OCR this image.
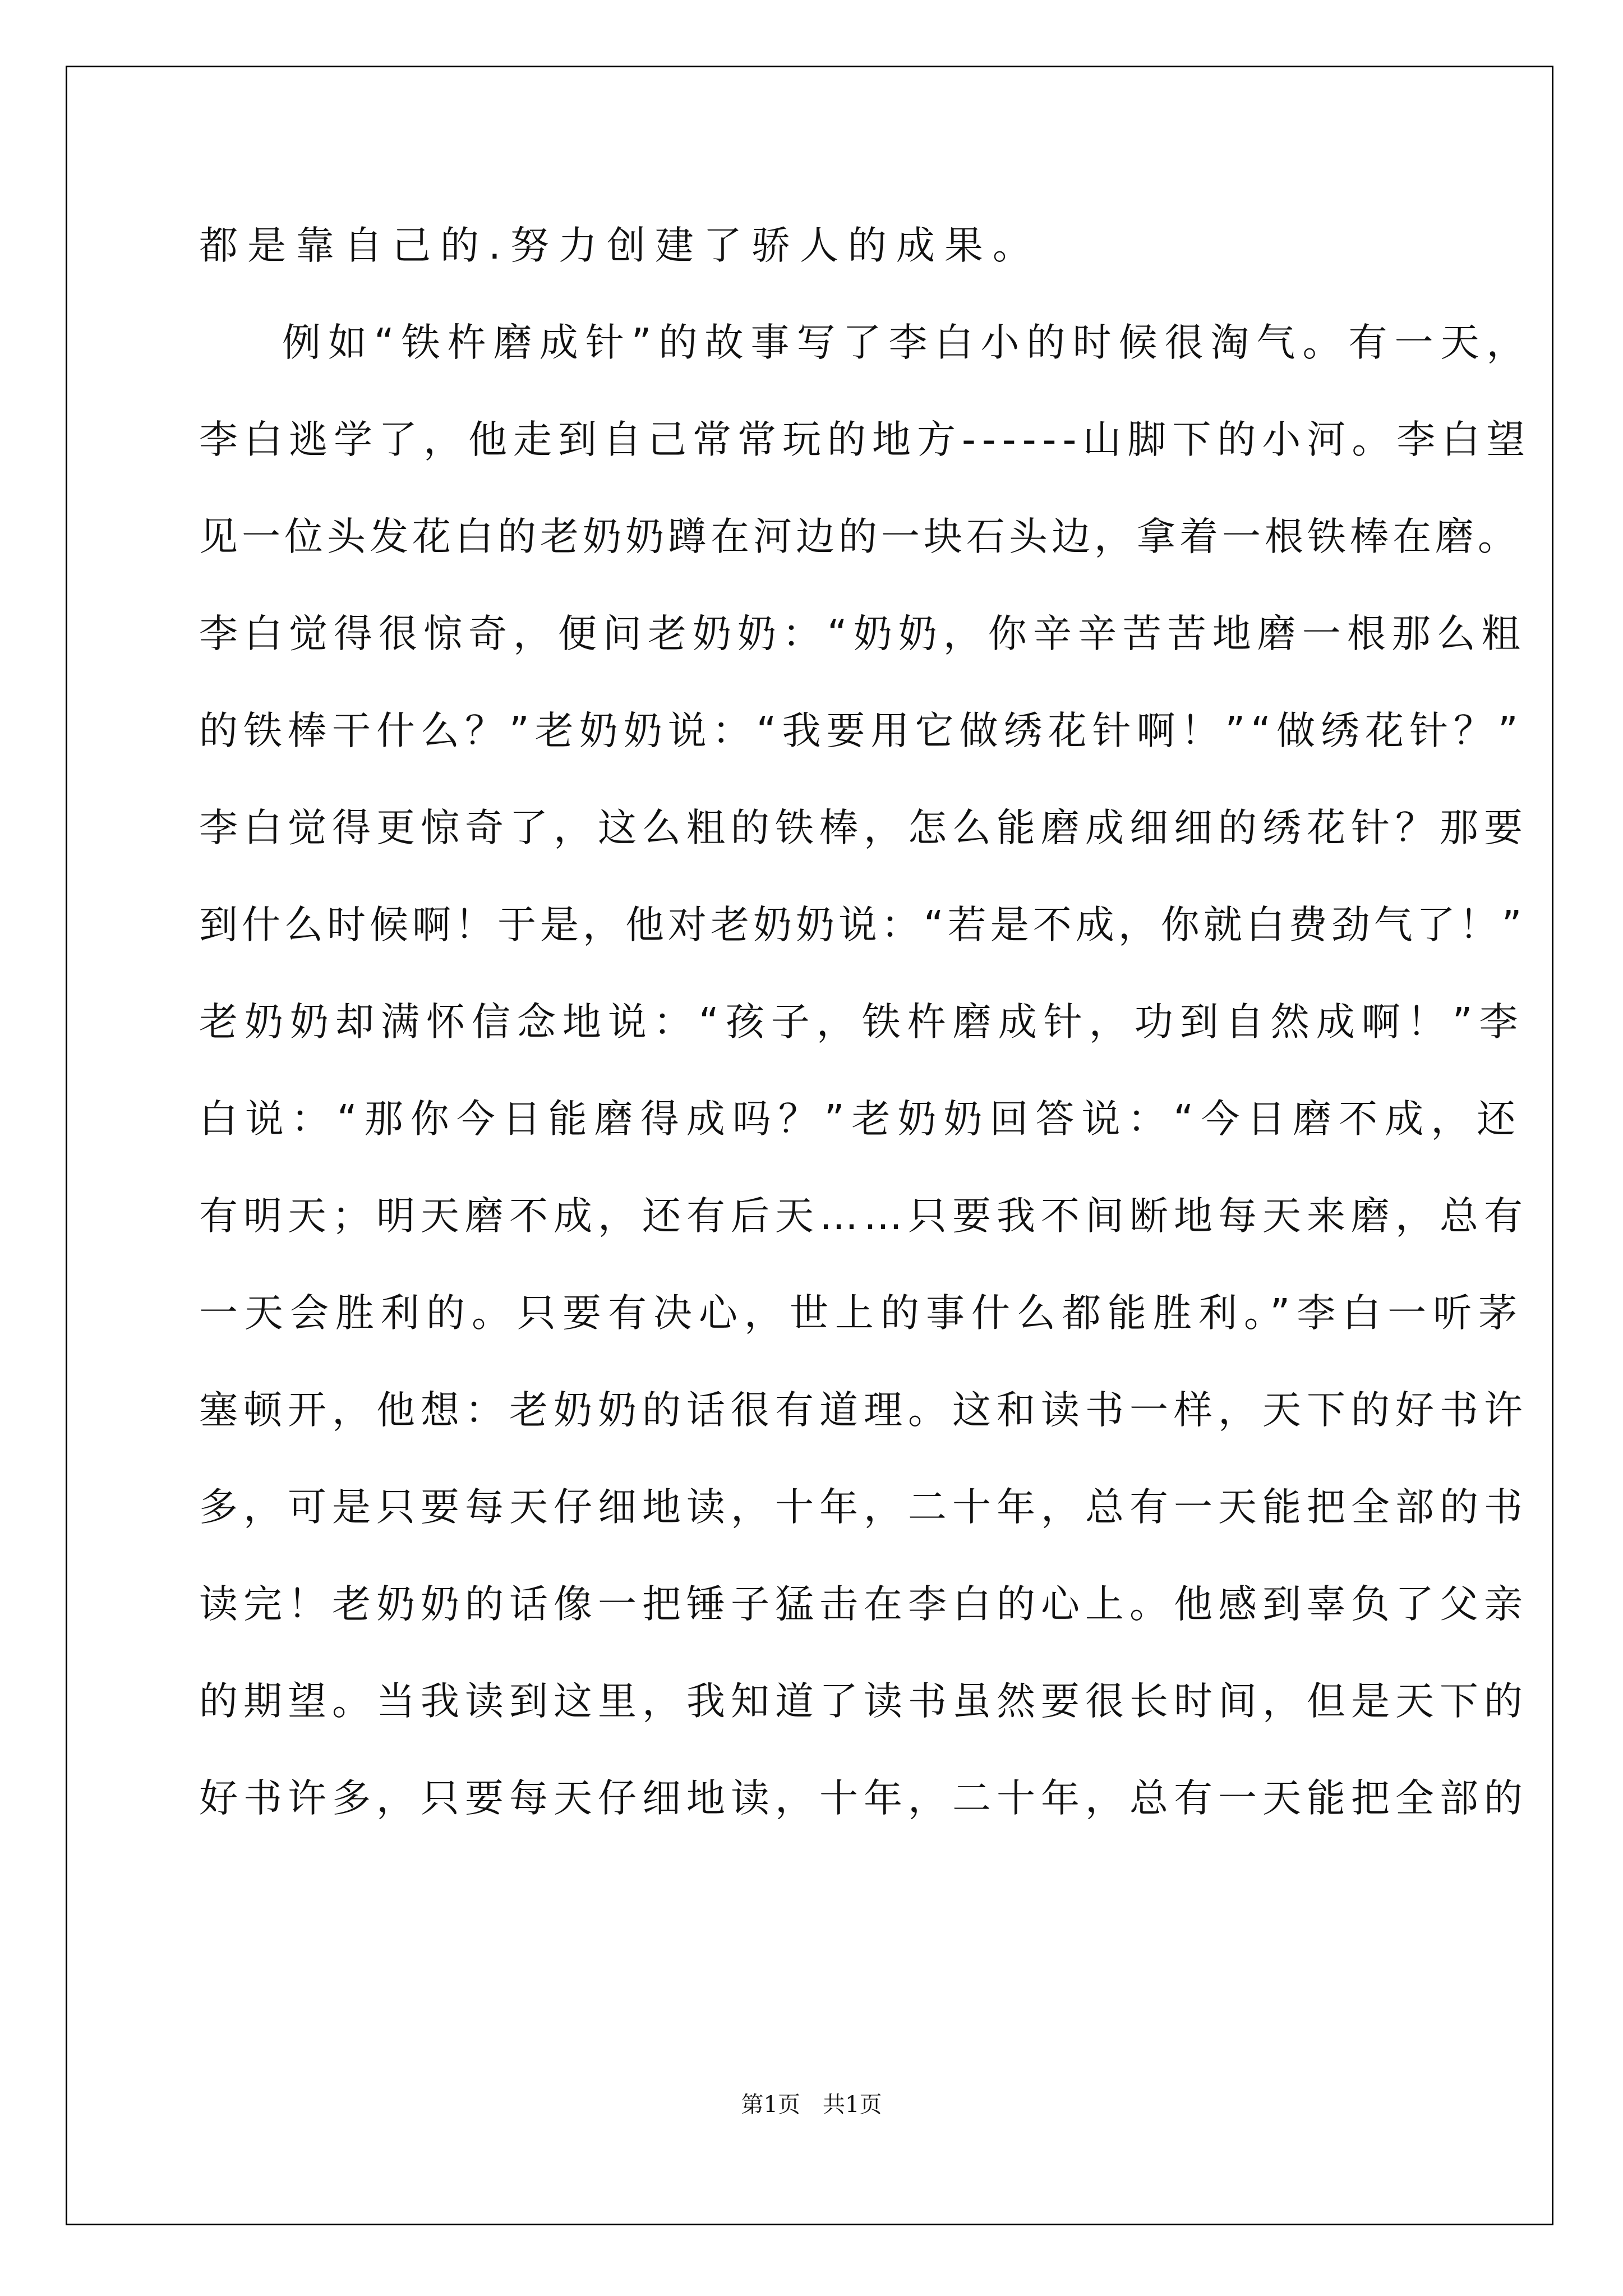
都是靠自己的.努力创建了骄人的成果。
例如“铁杵磨成针”的故事写了李白小的时候很淘气。有一天，
李白逃学了，他走到自己常常玩的地方------山脚下的小河。李白望
见一位头发花白的老奶奶蹲在河边的一块石头边，拿着一根铁棒在磨。
李白觉得很惊奇，便问老奶奶：“奶奶，你辛辛苦苦地磨一根那么粗
的铁棒干什么？”老奶奶说：“我要用它做绣花针啊！”“做绣花针？”
李白觉得更惊奇了，这么粗的铁棒，怎么能磨成细细的绣花针？那要
到什么时候啊！于是，他对老奶奶说：“若是不成，你就白费劲气了！”
老奶奶却满怀信念地说：“孩子，铁杵磨成针，功到自然成啊！”李
白说：“那你今日能磨得成吗？”老奶奶回答说：“今日磨不成，还
有明天；明天磨不成，还有后天……只要我不间断地每天来磨，总有
一天会胜利的。只要有决心，世上的事什么都能胜利。”李白一听茅
塞顿开，他想：老奶奶的话很有道理。这和读书一样，天下的好书许
多，可是只要每天仔细地读，十年，二十年，总有一天能把全部的书
读完！老奶奶的话像一把锤子猛击在李白的心上。他感到辜负了父亲
的期望。当我读到这里，我知道了读书虽然要很长时间，但是天下的
好书许多，只要每天仔细地读，十年，二十年，总有一天能把全部的
第1页　共1页
